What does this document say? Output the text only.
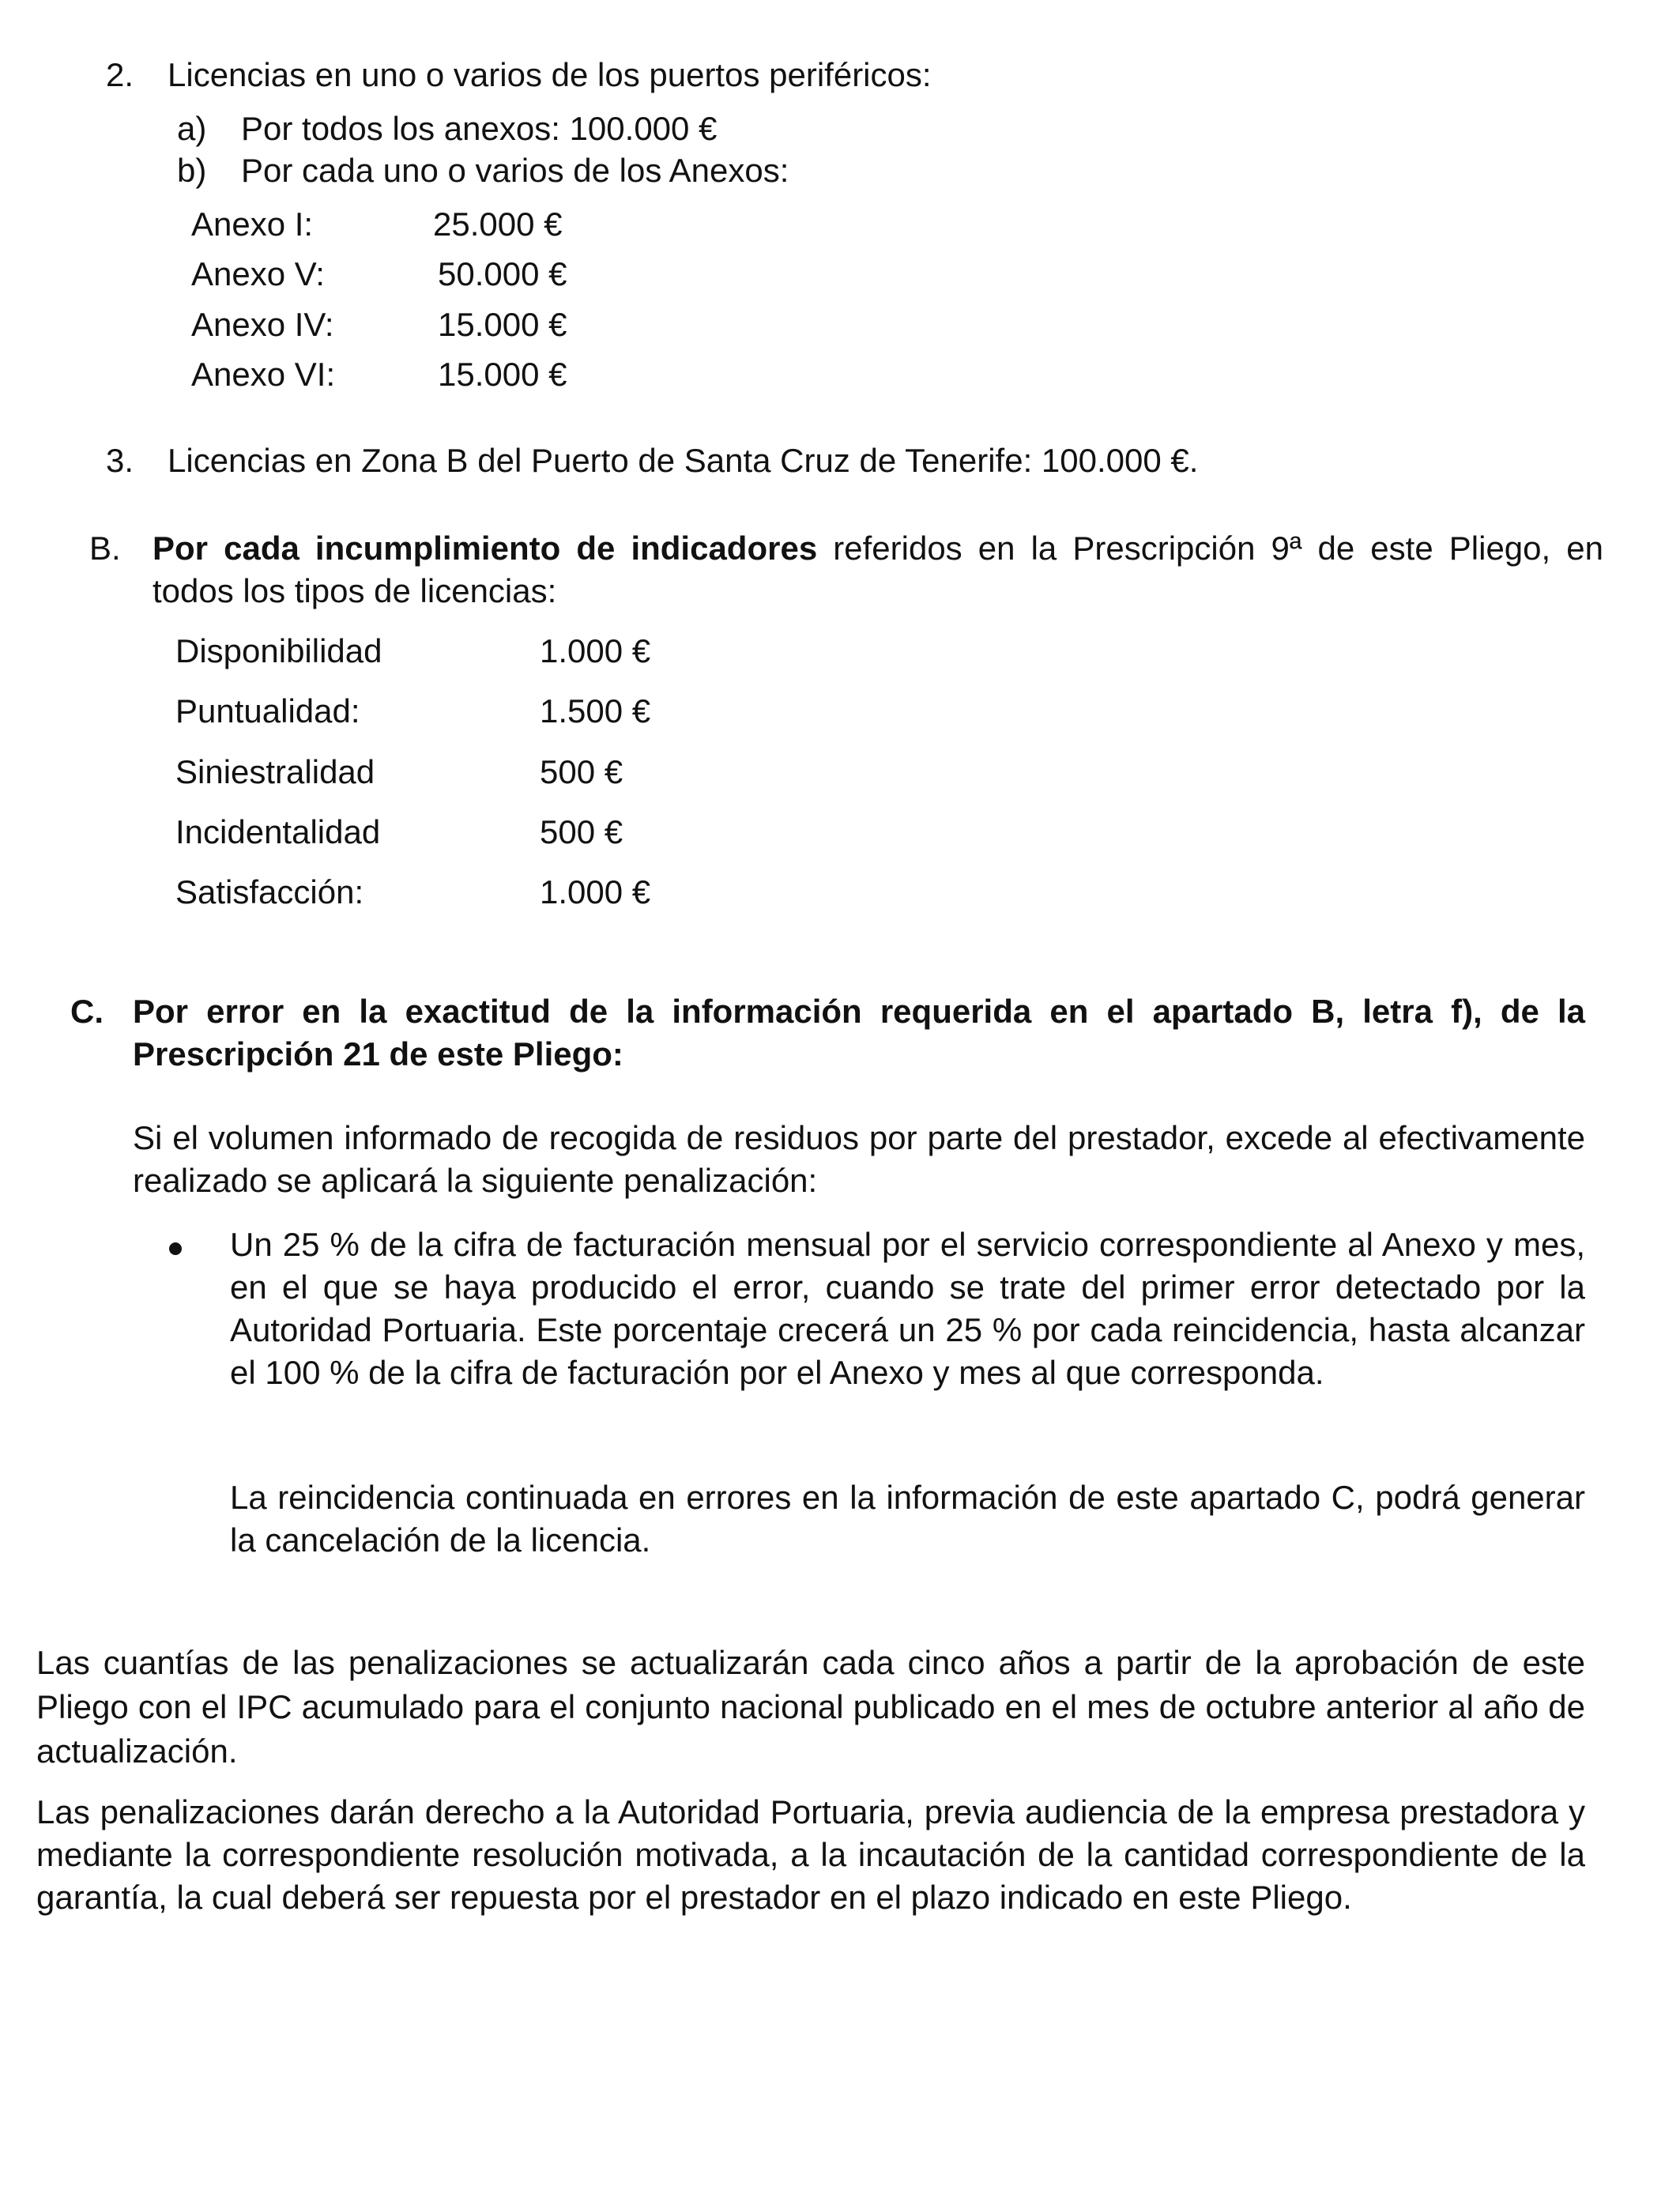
2. Licencias en uno o varios de los puertos periféricos:
a) Por todos los anexos: 100.000 €
b) Por cada uno o varios de los Anexos:
Anexo I:	25.000 €
Anexo V:	50.000 €
Anexo IV:	15.000 €
Anexo VI:	15.000 €
3. Licencias en Zona B del Puerto de Santa Cruz de Tenerife: 100.000 €.
B. Por cada incumplimiento de indicadores referidos en la Prescripción 9ª de este Pliego, en todos los tipos de licencias:
Disponibilidad	1.000 €
Puntualidad:	1.500 €
Siniestralidad	500 €
Incidentalidad	500 €
Satisfacción:	1.000 €
C. Por error en la exactitud de la información requerida en el apartado B, letra f), de la Prescripción 21 de este Pliego:
Si el volumen informado de recogida de residuos por parte del prestador, excede al efectivamente realizado se aplicará la siguiente penalización:
Un 25 % de la cifra de facturación mensual por el servicio correspondiente al Anexo y mes, en el que se haya producido el error, cuando se trate del primer error detectado por la Autoridad Portuaria. Este porcentaje crecerá un 25 % por cada reincidencia, hasta alcanzar el 100 % de la cifra de facturación por el Anexo y mes al que corresponda.
La reincidencia continuada en errores en la información de este apartado C, podrá generar la cancelación de la licencia.
Las cuantías de las penalizaciones se actualizarán cada cinco años a partir de la aprobación de este Pliego con el IPC acumulado para el conjunto nacional publicado en el mes de octubre anterior al año de actualización.
Las penalizaciones darán derecho a la Autoridad Portuaria, previa audiencia de la empresa prestadora y mediante la correspondiente resolución motivada, a la incautación de la cantidad correspondiente de la garantía, la cual deberá ser repuesta por el prestador en el plazo indicado en este Pliego.
